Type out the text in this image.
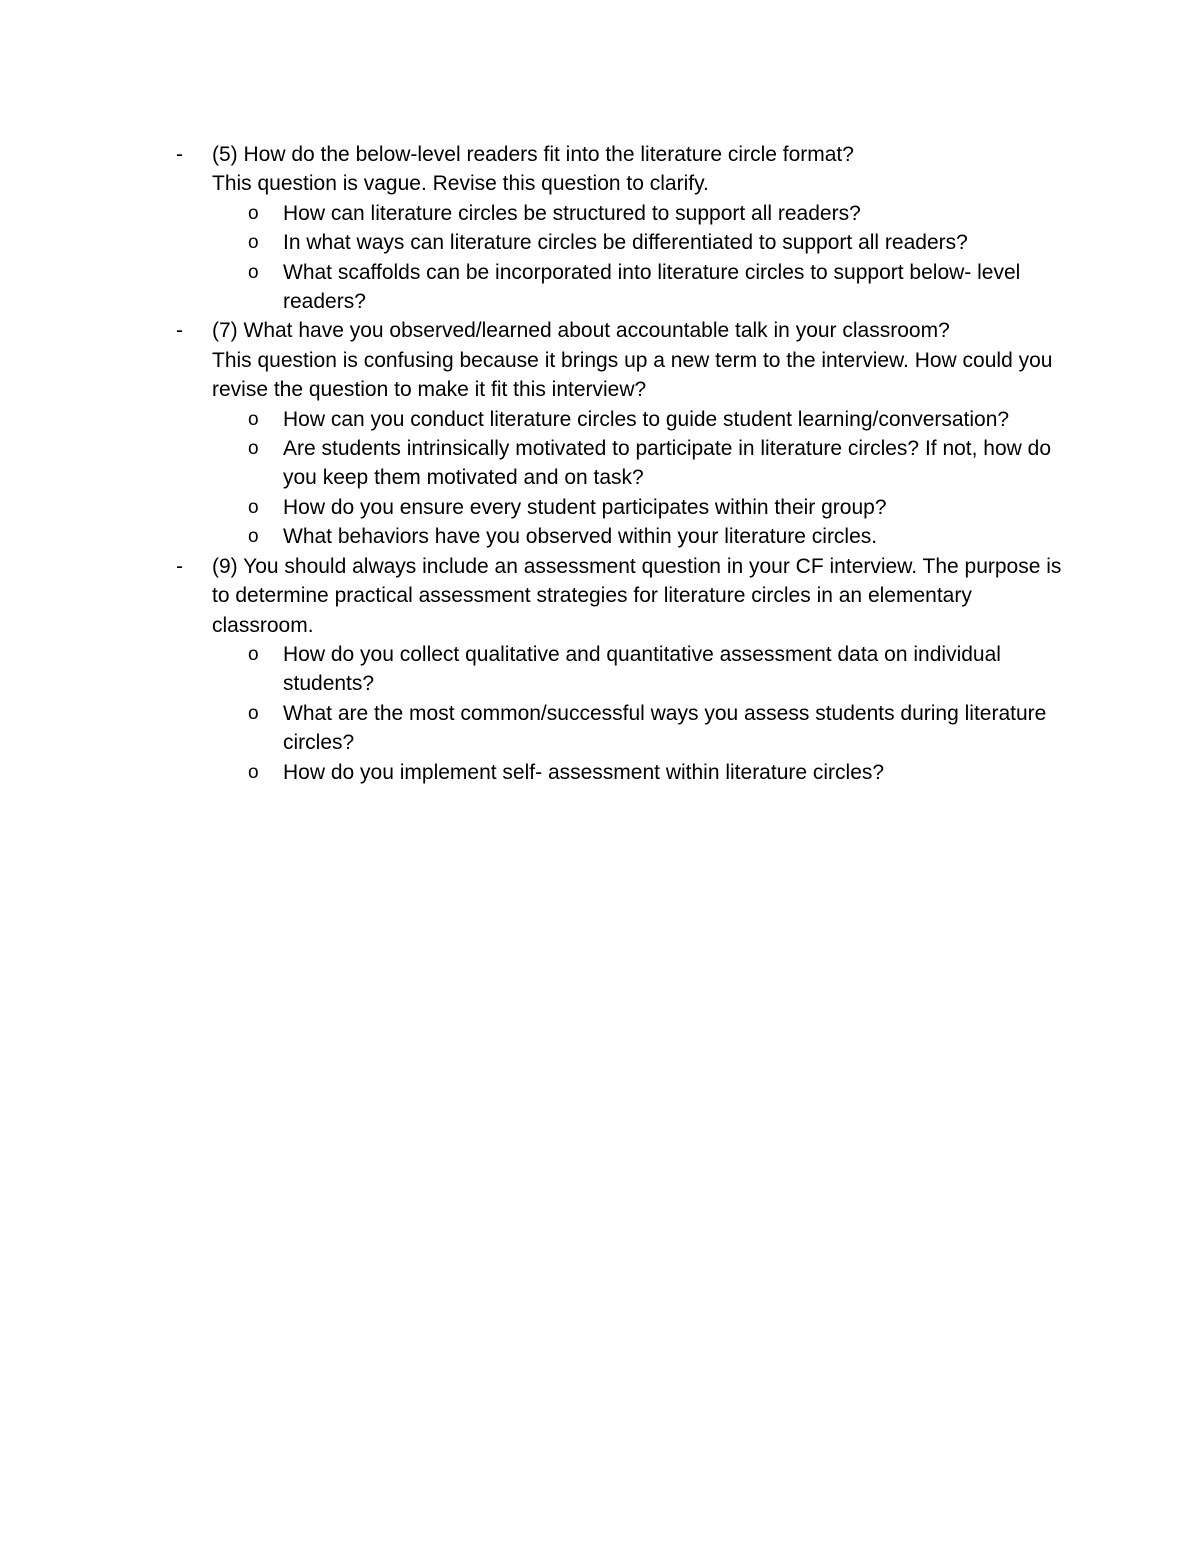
- (5) How do the below-level readers fit into the literature circle format?
This question is vague. Revise this question to clarify.
o How can literature circles be structured to support all readers?
o In what ways can literature circles be differentiated to support all readers?
o What scaffolds can be incorporated into literature circles to support below- level readers?
- (7) What have you observed/learned about accountable talk in your classroom?
This question is confusing because it brings up a new term to the interview. How could you revise the question to make it fit this interview?
o How can you conduct literature circles to guide student learning/conversation?
o Are students intrinsically motivated to participate in literature circles? If not, how do you keep them motivated and on task?
o How do you ensure every student participates within their group?
o What behaviors have you observed within your literature circles.
- (9) You should always include an assessment question in your CF interview. The purpose is to determine practical assessment strategies for literature circles in an elementary classroom.
o How do you collect qualitative and quantitative assessment data on individual students?
o What are the most common/successful ways you assess students during literature circles?
o How do you implement self- assessment within literature circles?
